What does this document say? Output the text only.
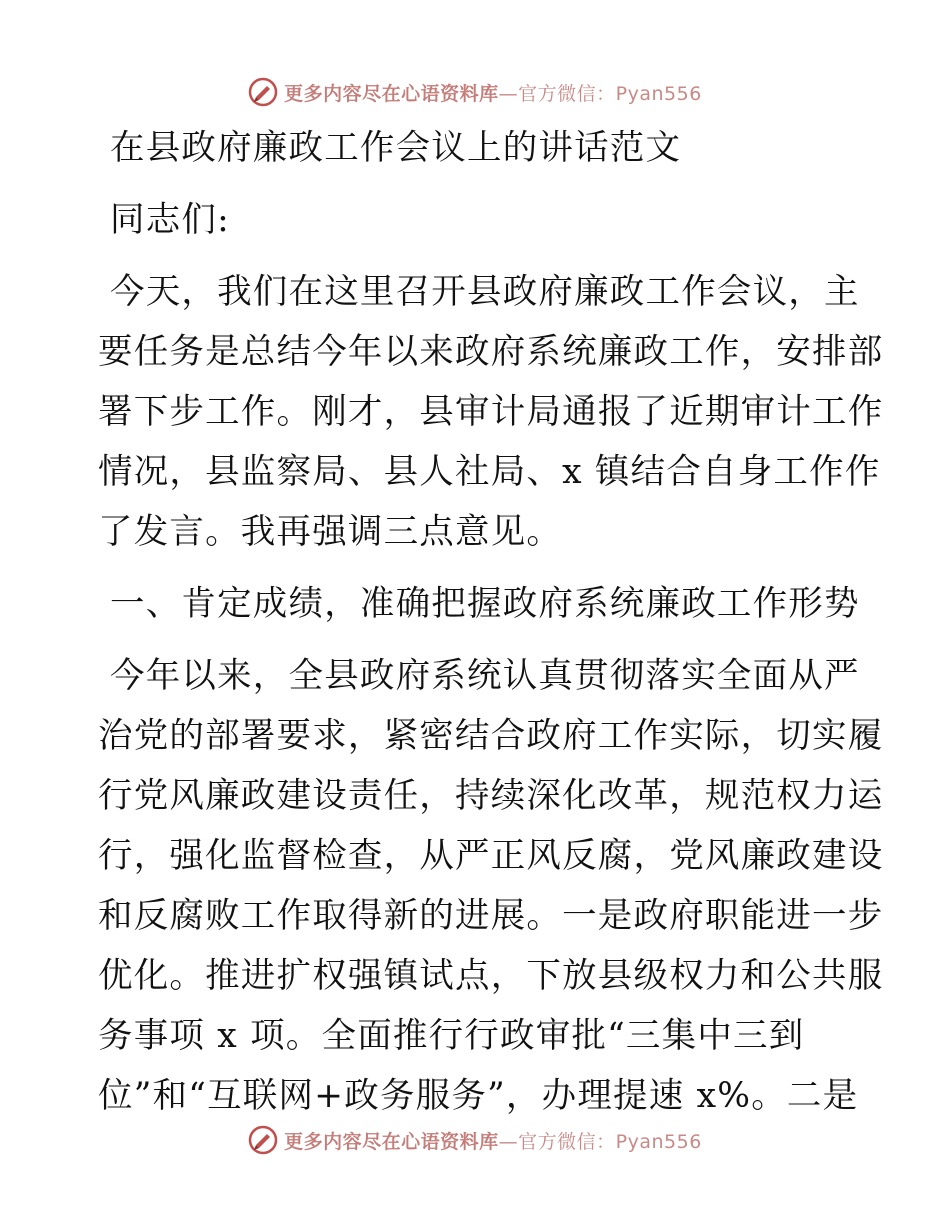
更多内容尽在心语资料库—官方微信：Pyan556
在县政府廉政工作会议上的讲话范文
同志们:
今天，我们在这里召开县政府廉政工作会议，主
要任务是总结今年以来政府系统廉政工作，安排部
署下步工作。刚才，县审计局通报了近期审计工作
情况，县监察局、县人社局、x 镇结合自身工作作
了发言。我再强调三点意见。
一、肯定成绩，准确把握政府系统廉政工作形势
今年以来，全县政府系统认真贯彻落实全面从严
治党的部署要求，紧密结合政府工作实际，切实履
行党风廉政建设责任，持续深化改革，规范权力运
行，强化监督检查，从严正风反腐，党风廉政建设
和反腐败工作取得新的进展。一是政府职能进一步
优化。推进扩权强镇试点，下放县级权力和公共服
务事项 x 项。全面推行行政审批“三集中三到
位”和“互联网+政务服务”，办理提速 x%。二是
更多内容尽在心语资料库—官方微信：Pyan556
